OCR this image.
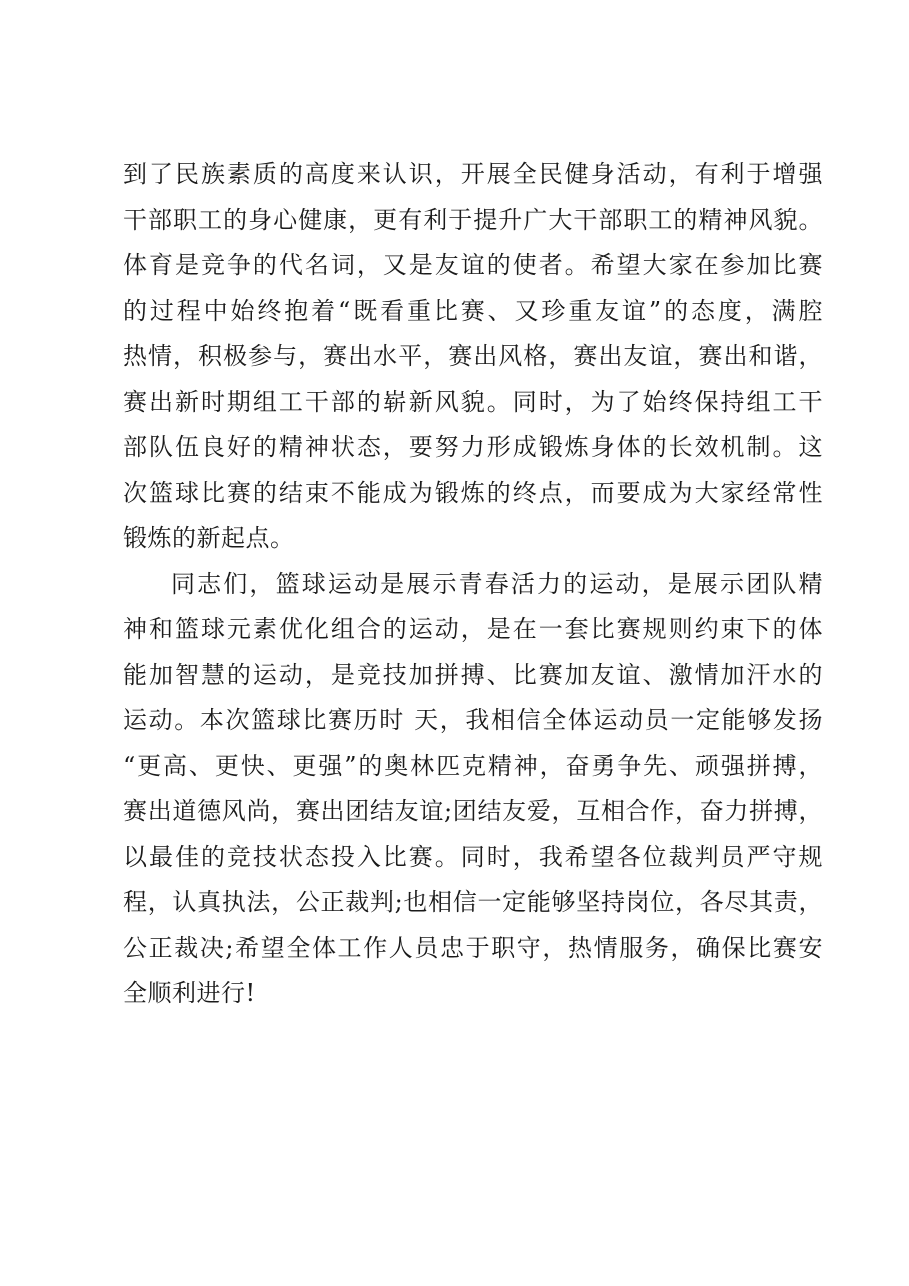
到了民族素质的高度来认识，开展全民健身活动，有利于增强
干部职工的身心健康，更有利于提升广大干部职工的精神风貌。
体育是竞争的代名词，又是友谊的使者。希望大家在参加比赛
的过程中始终抱着“既看重比赛、又珍重友谊”的态度，满腔
热情，积极参与，赛出水平，赛出风格，赛出友谊，赛出和谐，
赛出新时期组工干部的崭新风貌。同时，为了始终保持组工干
部队伍良好的精神状态，要努力形成锻炼身体的长效机制。这
次篮球比赛的结束不能成为锻炼的终点，而要成为大家经常性
锻炼的新起点。
同志们，篮球运动是展示青春活力的运动，是展示团队精
神和篮球元素优化组合的运动，是在一套比赛规则约束下的体
能加智慧的运动，是竞技加拼搏、比赛加友谊、激情加汗水的
运动。本次篮球比赛历时 天，我相信全体运动员一定能够发扬
“更高、更快、更强”的奥林匹克精神，奋勇争先、顽强拼搏，
赛出道德风尚，赛出团结友谊;团结友爱，互相合作，奋力拼搏，
以最佳的竞技状态投入比赛。同时，我希望各位裁判员严守规
程，认真执法，公正裁判;也相信一定能够坚持岗位，各尽其责，
公正裁决;希望全体工作人员忠于职守，热情服务，确保比赛安
全顺利进行!
